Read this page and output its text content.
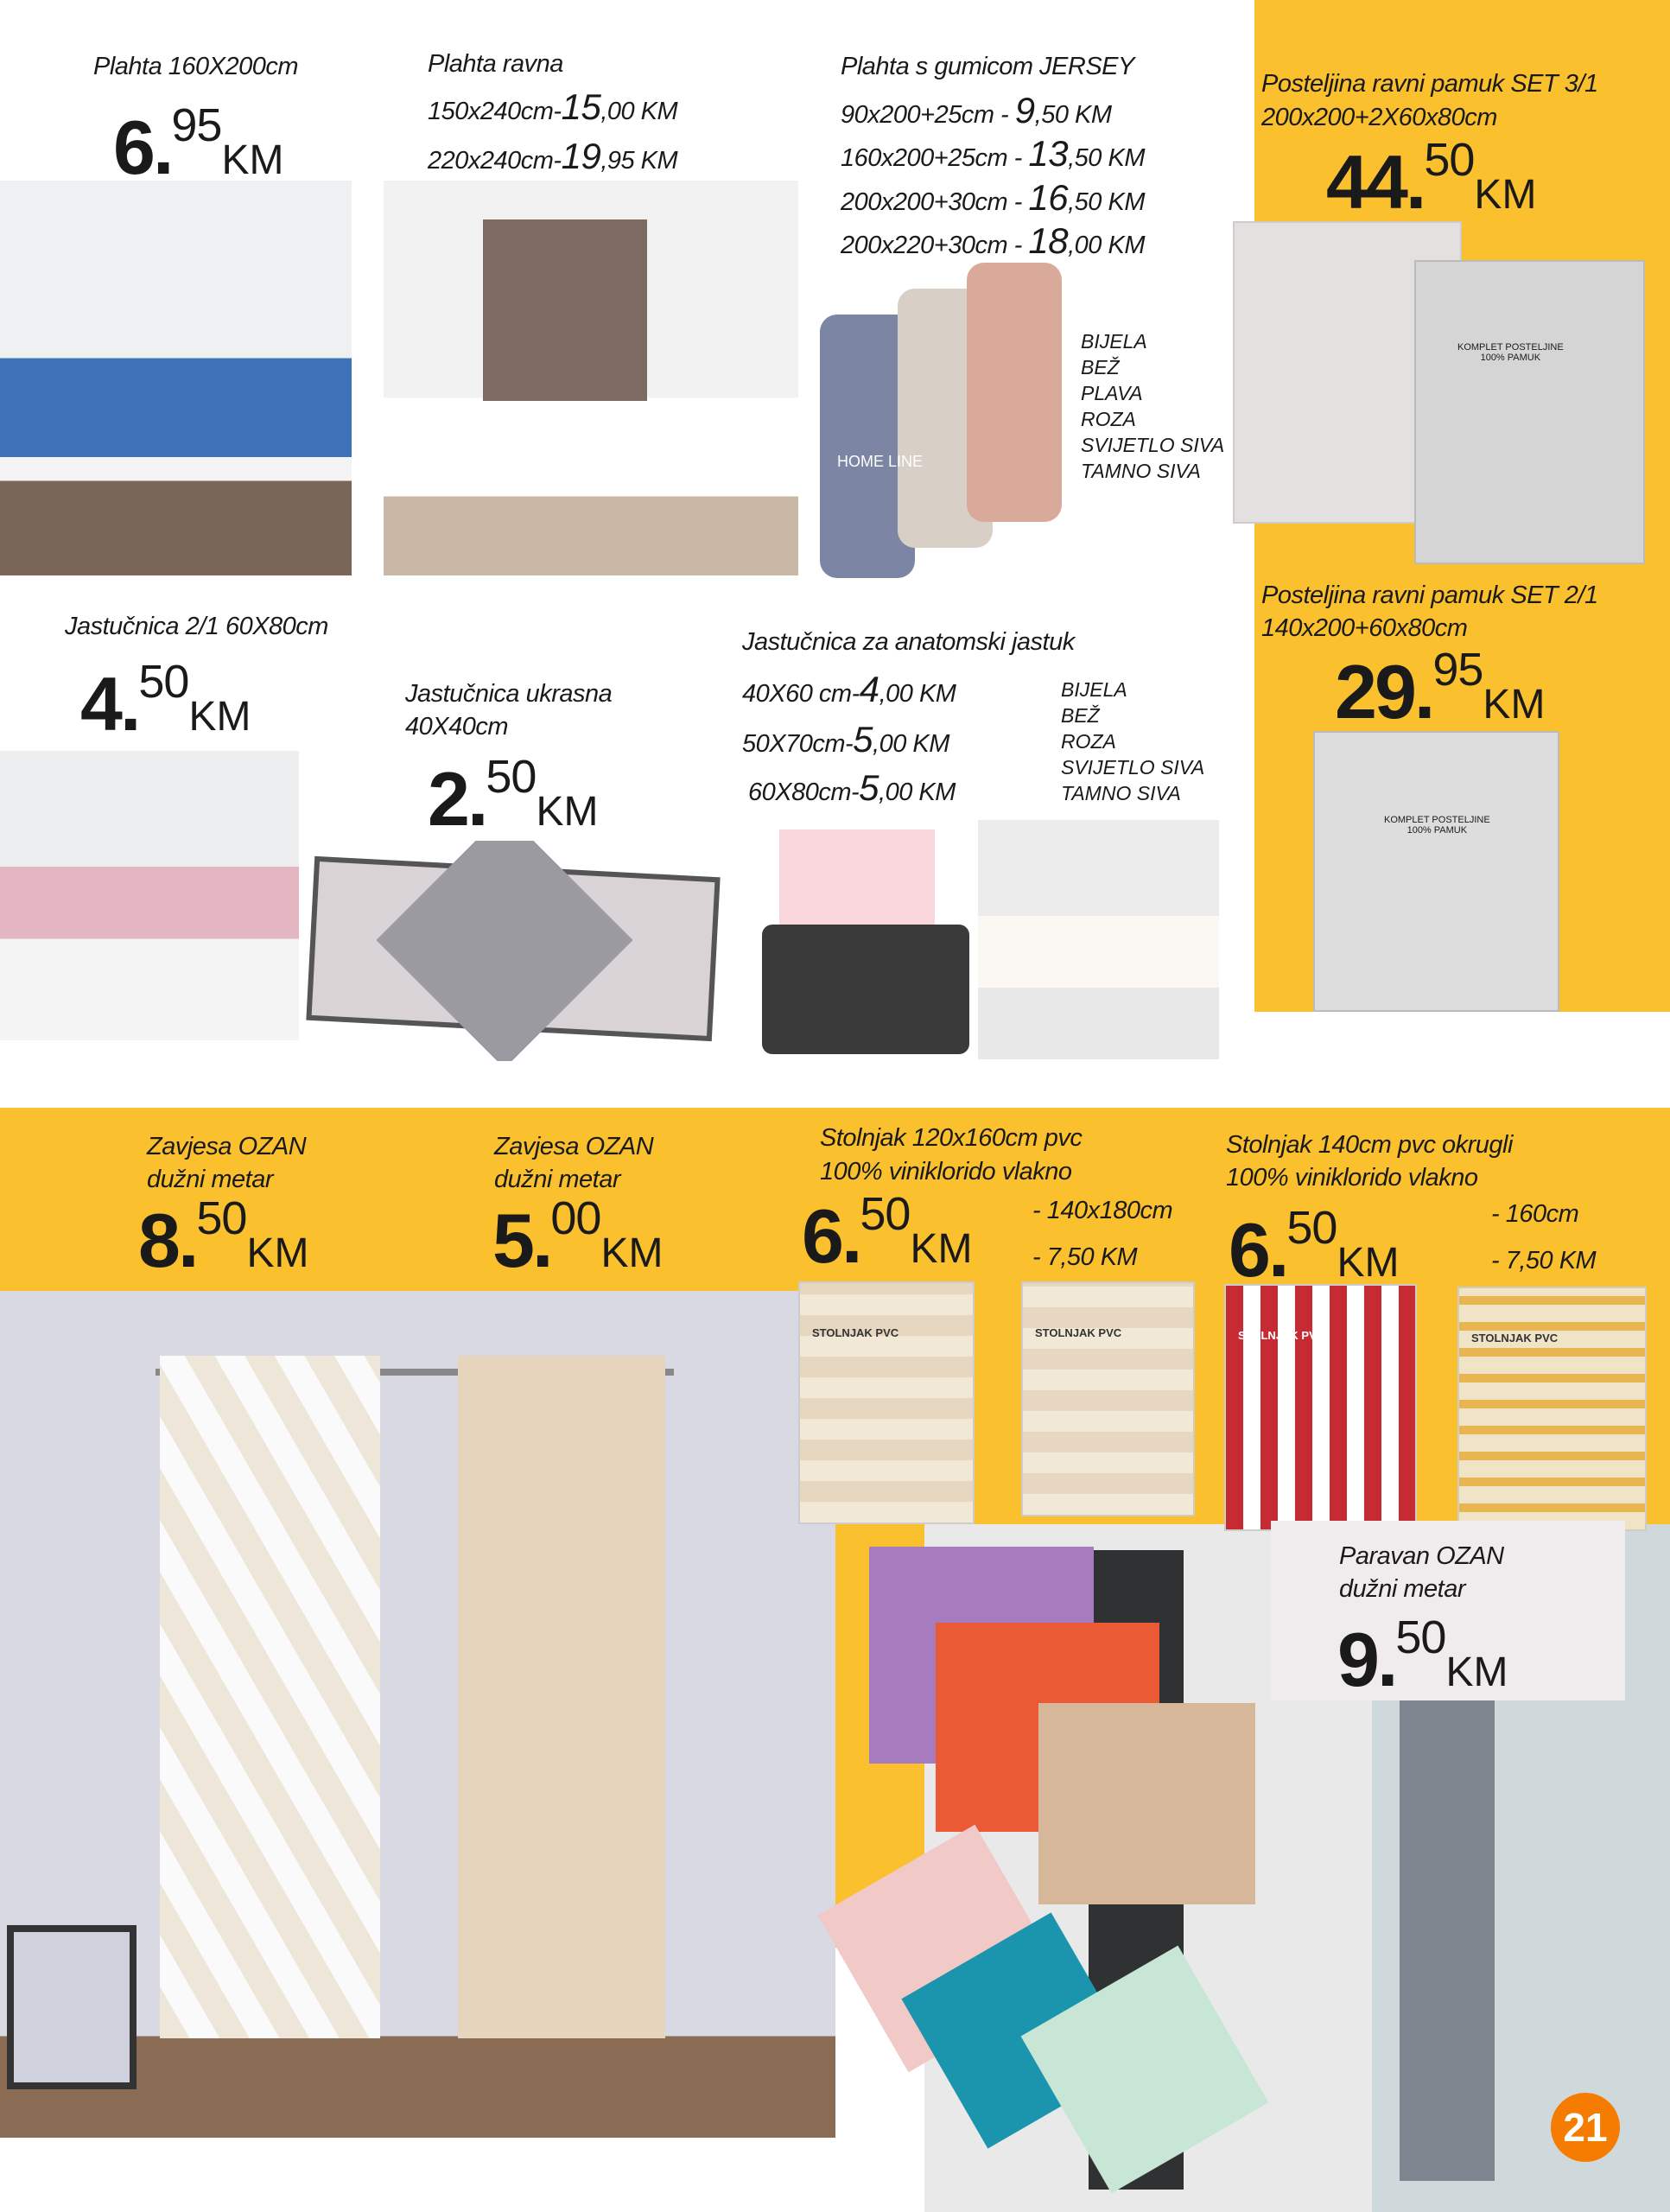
HOME LINE
BIJELA
BEŽ
PLAVA
ROZA
SVIJETLO SIVA
TAMNO SIVA
KOMPLET POSTELJINE
100% PAMUK
KOMPLET POSTELJINE
100% PAMUK
BIJELA
BEŽ
ROZA
SVIJETLO SIVA
TAMNO SIVA
STOLNJAK PVC	STOLNJAK PVC	STOLNJAK PVC	STOLNJAK PVC
Plahta 160X200cm
6.95KM
Plahta ravna
150x240cm-15,00 KM
220x240cm-19,95 KM
Plahta s gumicom JERSEY
90x200+25cm - 9,50 KM
160x200+25cm - 13,50 KM
200x200+30cm - 16,50 KM
200x220+30cm - 18,00 KM
Posteljina ravni pamuk SET 3/1
200x200+2X60x80cm
44.50KM
Posteljina ravni pamuk SET 2/1
140x200+60x80cm
29.95KM
Jastučnica 2/1 60X80cm
4.50KM	Jastučnica ukrasna
40X40cm
2.50KM
Jastučnica za anatomski jastuk
40X60 cm-4,00 KM
50X70cm-5,00 KM
60X80cm-5,00 KM
Zavjesa OZAN
dužni metar
8.50KM
Zavjesa OZAN
dužni metar
5.00KM
Stolnjak 120x160cm pvc
100% viniklorido vlakno
6.50KM
- 140x180cm
- 7,50 KM
Stolnjak 140cm pvc okrugli
100% viniklorido vlakno
6.50KM
- 160cm
- 7,50 KM
Paravan OZAN
dužni metar
9.50KM
21
